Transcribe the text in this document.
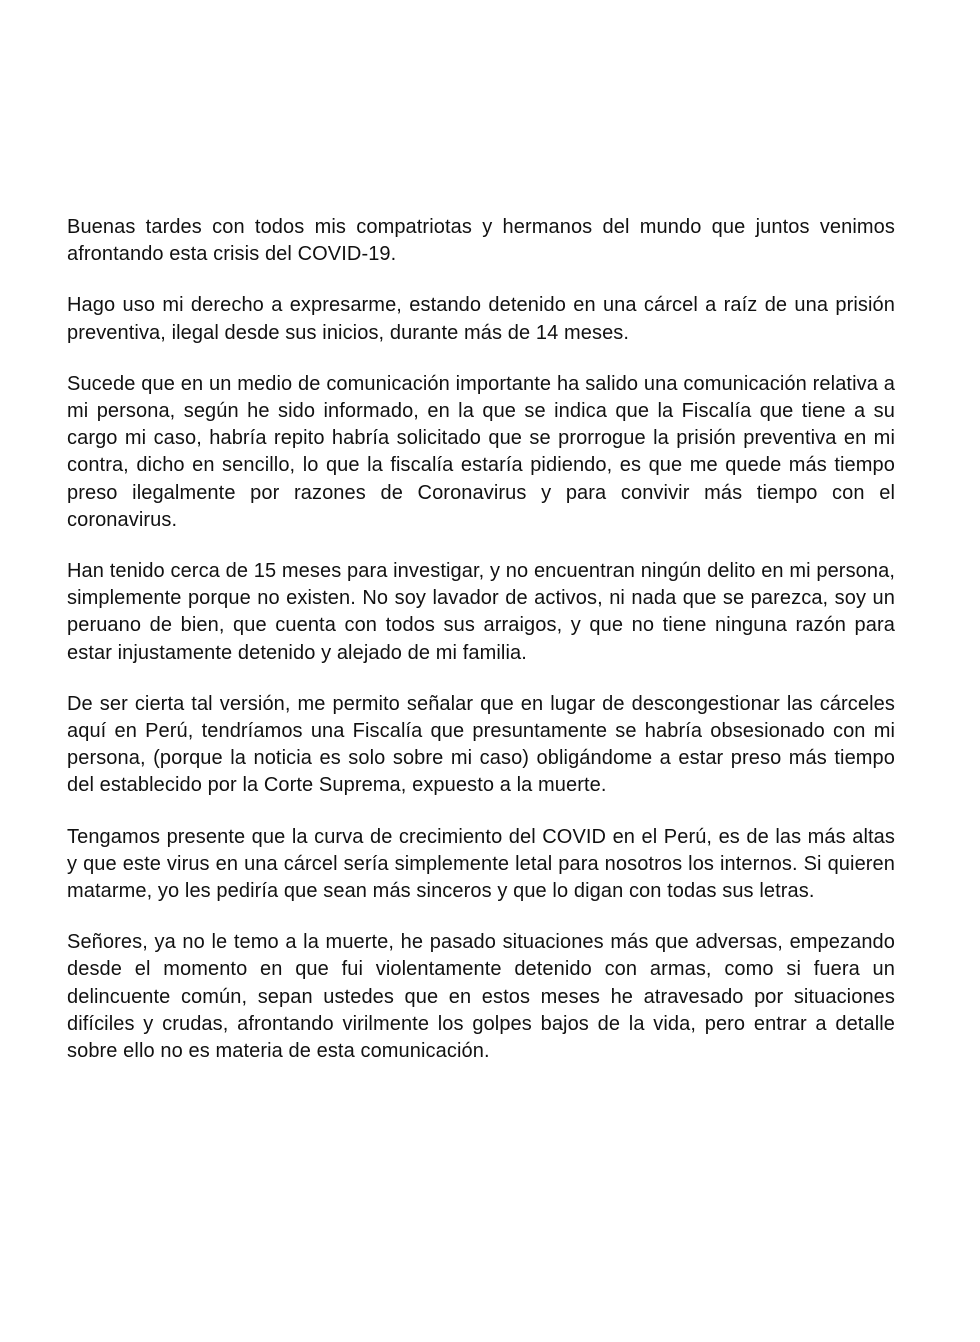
Buenas tardes con todos mis compatriotas y hermanos del mundo que juntos venimos afrontando esta crisis del COVID-19.

Hago uso mi derecho a expresarme, estando detenido en una cárcel a raíz de una prisión preventiva, ilegal desde sus inicios, durante más de 14 meses.

Sucede que en un medio de comunicación importante ha salido una comunicación relativa a mi persona, según he sido informado, en la que se indica que la Fiscalía que tiene a su cargo mi caso, habría repito habría solicitado que se prorrogue la prisión preventiva en mi contra, dicho en sencillo, lo que la fiscalía estaría pidiendo, es que me quede más tiempo preso ilegalmente por razones de Coronavirus y para convivir más tiempo con el coronavirus.

Han tenido cerca de 15 meses para investigar, y no encuentran ningún delito en mi persona, simplemente porque no existen. No soy lavador de activos, ni nada que se parezca, soy un peruano de bien, que cuenta con todos sus arraigos, y que no tiene ninguna razón para estar injustamente detenido y alejado de mi familia.

De ser cierta tal versión, me permito señalar que en lugar de descongestionar las cárceles aquí en Perú, tendríamos una Fiscalía que presuntamente se habría obsesionado con mi persona, (porque la noticia es solo sobre mi caso) obligándome a estar preso más tiempo del establecido por la Corte Suprema, expuesto a la muerte.

Tengamos presente que la curva de crecimiento del COVID en el Perú, es de las más altas y que este virus en una cárcel sería simplemente letal para nosotros los internos. Si quieren matarme, yo les pediría que sean más sinceros y que lo digan con todas sus letras.

Señores, ya no le temo a la muerte, he pasado situaciones más que adversas, empezando desde el momento en que fui violentamente detenido con armas, como si fuera un delincuente común, sepan ustedes que en estos meses he atravesado por situaciones difíciles y crudas, afrontando virilmente los golpes bajos de la vida, pero entrar a detalle sobre ello no es materia de esta comunicación.
